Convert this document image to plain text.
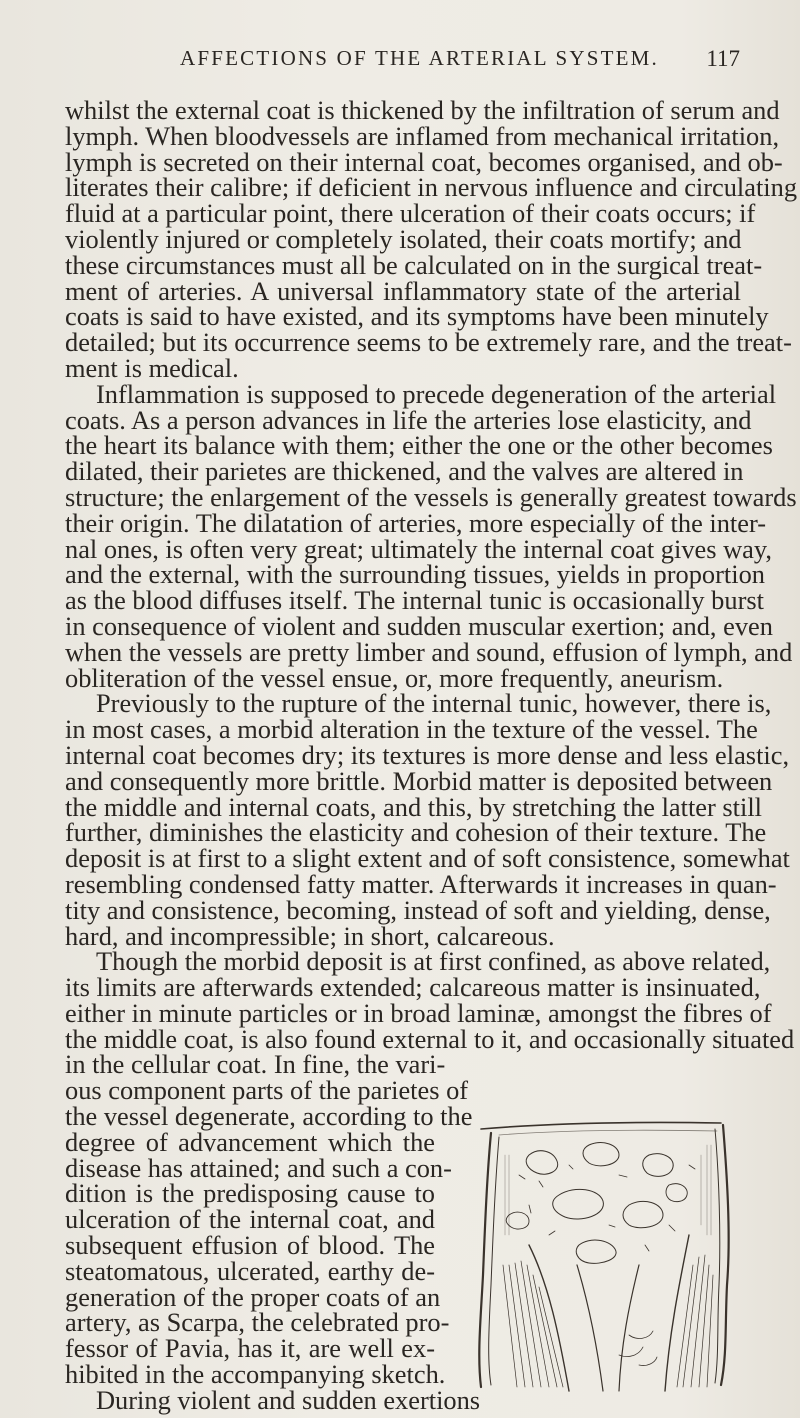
AFFECTIONS OF THE ARTERIAL SYSTEM. 117
whilst the external coat is thickened by the infiltration of serum and
lymph. When bloodvessels are inflamed from mechanical irritation,
lymph is secreted on their internal coat, becomes organised, and ob-
literates their calibre; if deficient in nervous influence and circulating
fluid at a particular point, there ulceration of their coats occurs; if
violently injured or completely isolated, their coats mortify; and
these circumstances must all be calculated on in the surgical treat-
ment of arteries. A universal inflammatory state of the arterial
coats is said to have existed, and its symptoms have been minutely
detailed; but its occurrence seems to be extremely rare, and the treat-
ment is medical.
Inflammation is supposed to precede degeneration of the arterial
coats. As a person advances in life the arteries lose elasticity, and
the heart its balance with them; either the one or the other becomes
dilated, their parietes are thickened, and the valves are altered in
structure; the enlargement of the vessels is generally greatest towards
their origin. The dilatation of arteries, more especially of the inter-
nal ones, is often very great; ultimately the internal coat gives way,
and the external, with the surrounding tissues, yields in proportion
as the blood diffuses itself. The internal tunic is occasionally burst
in consequence of violent and sudden muscular exertion; and, even
when the vessels are pretty limber and sound, effusion of lymph, and
obliteration of the vessel ensue, or, more frequently, aneurism.
Previously to the rupture of the internal tunic, however, there is,
in most cases, a morbid alteration in the texture of the vessel. The
internal coat becomes dry; its textures is more dense and less elastic,
and consequently more brittle. Morbid matter is deposited between
the middle and internal coats, and this, by stretching the latter still
further, diminishes the elasticity and cohesion of their texture. The
deposit is at first to a slight extent and of soft consistence, somewhat
resembling condensed fatty matter. Afterwards it increases in quan-
tity and consistence, becoming, instead of soft and yielding, dense,
hard, and incompressible; in short, calcareous.
Though the morbid deposit is at first confined, as above related,
its limits are afterwards extended; calcareous matter is insinuated,
either in minute particles or in broad laminæ, amongst the fibres of
the middle coat, is also found external to it, and occasionally situated
in the cellular coat. In fine, the vari-
ous component parts of the parietes of
the vessel degenerate, according to the
degree of advancement which the
disease has attained; and such a con-
dition is the predisposing cause to
ulceration of the internal coat, and
subsequent effusion of blood. The
steatomatous, ulcerated, earthy de-
generation of the proper coats of an
artery, as Scarpa, the celebrated pro-
fessor of Pavia, has it, are well ex-
hibited in the accompanying sketch.
During violent and sudden exertions
